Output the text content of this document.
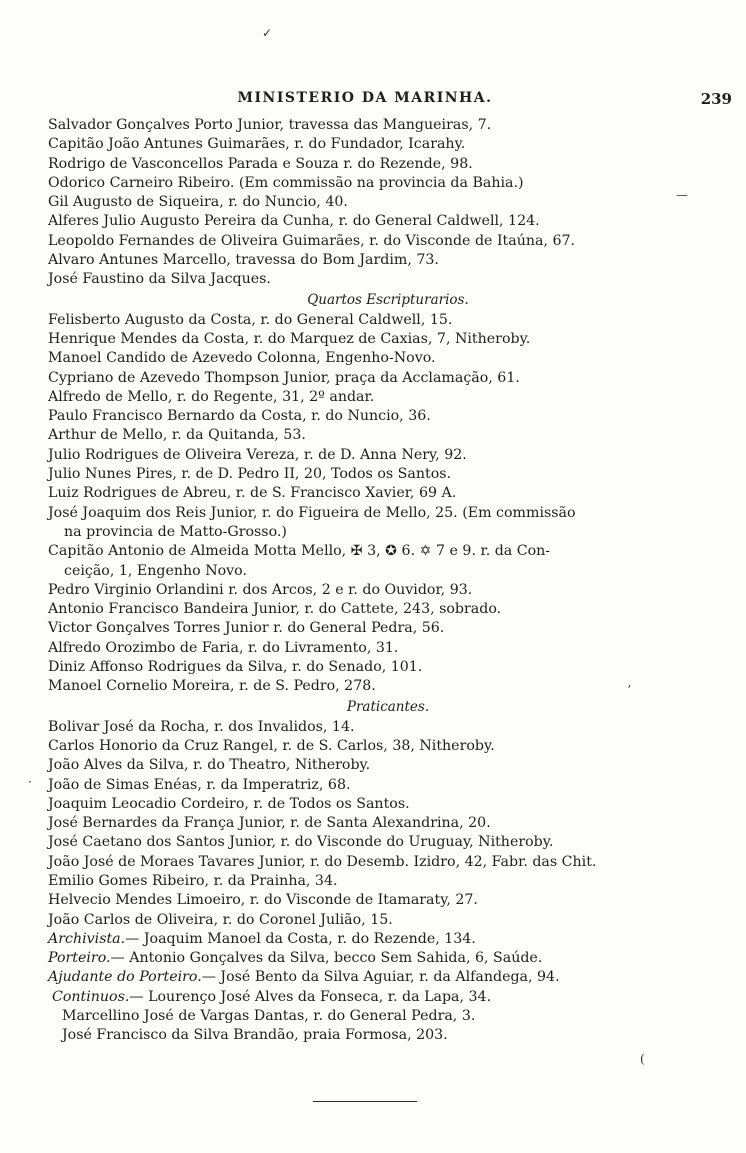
✓
—
ʼ
·
(
MINISTERIO DA MARINHA.	239
Salvador Gonçalves Porto Junior, travessa das Mangueiras, 7.
Capitão João Antunes Guimarães, r. do Fundador, Icarahy.
Rodrigo de Vasconcellos Parada e Souza r. do Rezende, 98.
Odorico Carneiro Ribeiro. (Em commissão na provincia da Bahia.)
Gil Augusto de Siqueira, r. do Nuncio, 40.
Alferes Julio Augusto Pereira da Cunha, r. do General Caldwell, 124.
Leopoldo Fernandes de Oliveira Guimarães, r. do Visconde de Itaúna, 67.
Alvaro Antunes Marcello, travessa do Bom Jardim, 73.
José Faustino da Silva Jacques.
Quartos Escripturarios.
Felisberto Augusto da Costa, r. do General Caldwell, 15.
Henrique Mendes da Costa, r. do Marquez de Caxias, 7, Nitheroby.
Manoel Candido de Azevedo Colonna, Engenho-Novo.
Cypriano de Azevedo Thompson Junior, praça da Acclamação, 61.
Alfredo de Mello, r. do Regente, 31, 2º andar.
Paulo Francisco Bernardo da Costa, r. do Nuncio, 36.
Arthur de Mello, r. da Quitanda, 53.
Julio Rodrigues de Oliveira Vereza, r. de D. Anna Nery, 92.
Julio Nunes Pires, r. de D. Pedro II, 20, Todos os Santos.
Luiz Rodrigues de Abreu, r. de S. Francisco Xavier, 69 A.
José Joaquim dos Reis Junior, r. do Figueira de Mello, 25. (Em commissão
na provincia de Matto-Grosso.)
Capitão Antonio de Almeida Motta Mello, ✠ 3, ✪ 6. ✡ 7 e 9. r. da Con-
ceição, 1, Engenho Novo.
Pedro Virginio Orlandini r. dos Arcos, 2 e r. do Ouvidor, 93.
Antonio Francisco Bandeira Junior, r. do Cattete, 243, sobrado.
Victor Gonçalves Torres Junior r. do General Pedra, 56.
Alfredo Orozimbo de Faria, r. do Livramento, 31.
Diniz Affonso Rodrigues da Silva, r. do Senado, 101.
Manoel Cornelio Moreira, r. de S. Pedro, 278.
Praticantes.
Bolivar José da Rocha, r. dos Invalidos, 14.
Carlos Honorio da Cruz Rangel, r. de S. Carlos, 38, Nitheroby.
João Alves da Silva, r. do Theatro, Nitheroby.
João de Simas Enéas, r. da Imperatriz, 68.
Joaquim Leocadio Cordeiro, r. de Todos os Santos.
José Bernardes da França Junior, r. de Santa Alexandrina, 20.
José Caetano dos Santos Junior, r. do Visconde do Uruguay, Nitheroby.
João José de Moraes Tavares Junior, r. do Desemb. Izidro, 42, Fabr. das Chit.
Emilio Gomes Ribeiro, r. da Prainha, 34.
Helvecio Mendes Limoeiro, r. do Visconde de Itamaraty, 27.
João Carlos de Oliveira, r. do Coronel Julião, 15.
Archivista.— Joaquim Manoel da Costa, r. do Rezende, 134.
Porteiro.— Antonio Gonçalves da Silva, becco Sem Sahida, 6, Saúde.
Ajudante do Porteiro.— José Bento da Silva Aguiar, r. da Alfandega, 94.
Continuos.— Lourenço José Alves da Fonseca, r. da Lapa, 34.
Marcellino José de Vargas Dantas, r. do General Pedra, 3.
José Francisco da Silva Brandão, praia Formosa, 203.
